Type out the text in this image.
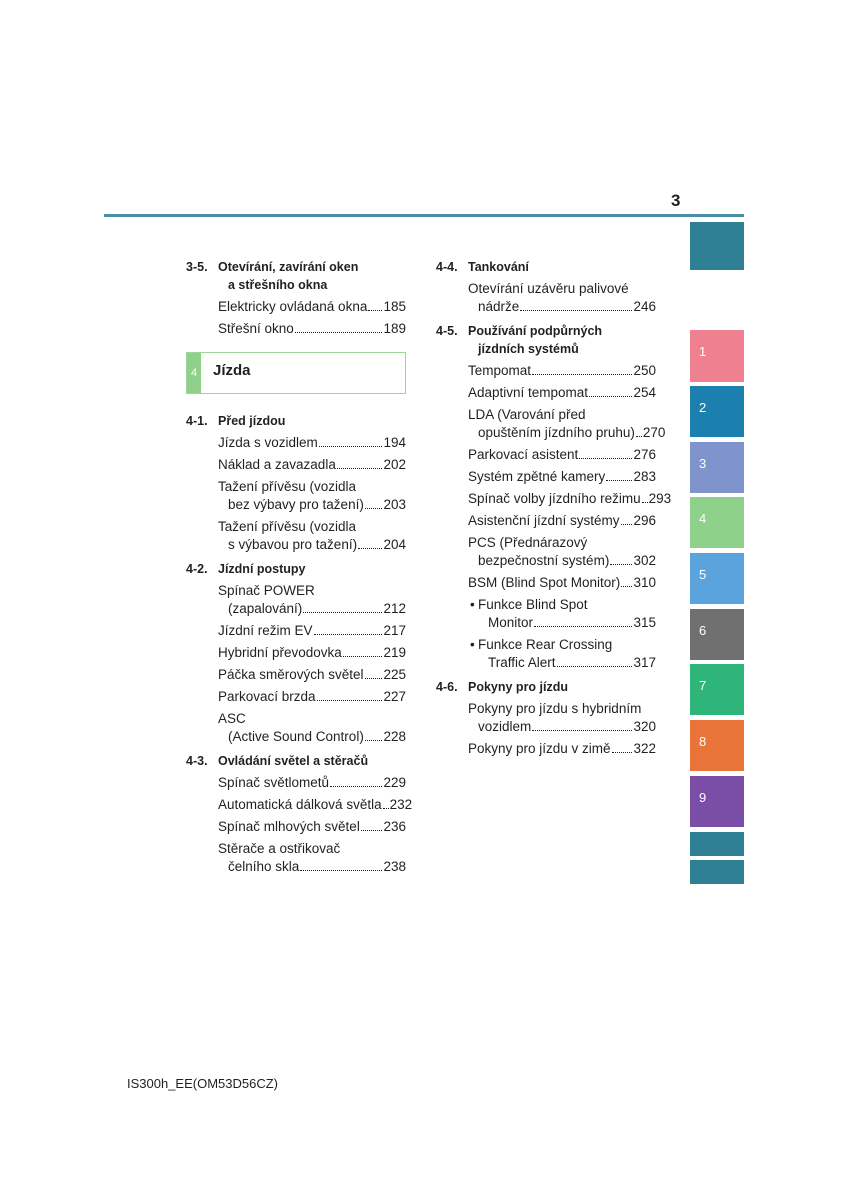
3
3-5. Otevírání, zavírání oken
a střešního okna
Elektricky ovládaná okna 185
Střešní okno	189
4 Jízda
4-1. Před jízdou
Jízda s vozidlem	194
Náklad a zavazadla	202
Tažení přívěsu (vozidla
bez výbavy pro tažení) 203
Tažení přívěsu (vozidla
s výbavou pro tažení) 204
4-2. Jízdní postupy
Spínač POWER
(zapalování)	212
Jízdní režim EV	217
Hybridní převodovka	219
Páčka směrových světel 225
Parkovací brzda	227
ASC
(Active Sound Control) 228
4-3. Ovládání světel a stěračů
Spínač světlometů	229
Automatická dálková světla 232
Spínač mlhových světel 236
Stěrače a ostřikovač
čelního skla	238
4-4. Tankování
Otevírání uzávěru palivové
nádrže	246
4-5. Používání podpůrných
jízdních systémů
Tempomat	250
Adaptivní tempomat	254
LDA (Varování před
opuštěním jízdního pruhu) 270
Parkovací asistent	276
Systém zpětné kamery 283
Spínač volby jízdního režimu 293
Asistenční jízdní systémy 296
PCS (Přednárazový
bezpečnostní systém) 302
BSM (Blind Spot Monitor) 310
• Funkce Blind Spot
Monitor	315
• Funkce Rear Crossing
Traffic Alert	317
4-6. Pokyny pro jízdu
Pokyny pro jízdu s hybridním
vozidlem	320
Pokyny pro jízdu v zimě 322
1
2
3
4
5
6
7
8
9
IS300h_EE(OM53D56CZ)
